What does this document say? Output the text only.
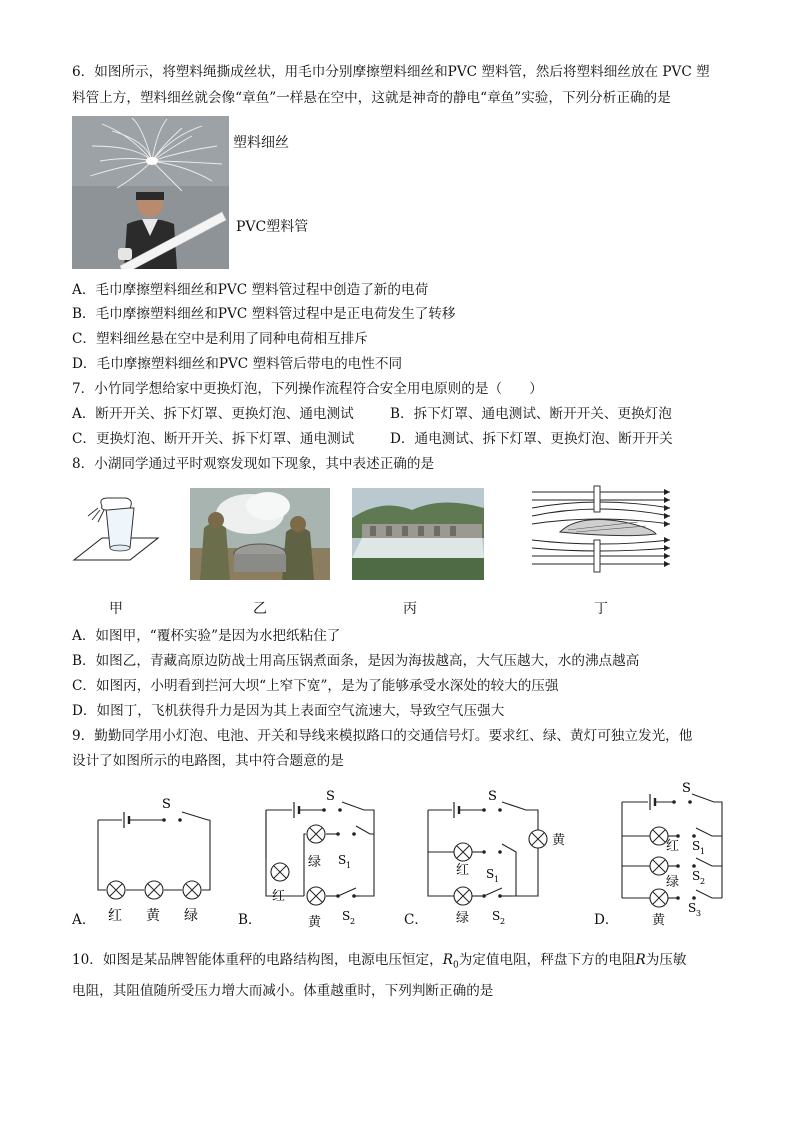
6．如图所示，将塑料绳撕成丝状，用毛巾分别摩擦塑料细丝和PVC 塑料管，然后将塑料细丝放在 PVC 塑
料管上方，塑料细丝就会像“章鱼”一样悬在空中，这就是神奇的静电“章鱼”实验，下列分析正确的是
塑料细丝
PVC塑料管
A．毛巾摩擦塑料细丝和PVC 塑料管过程中创造了新的电荷
B．毛巾摩擦塑料细丝和PVC 塑料管过程中是正电荷发生了转移
C．塑料细丝悬在空中是利用了同种电荷相互排斥
D．毛巾摩擦塑料细丝和PVC 塑料管后带电的电性不同
7．小竹同学想给家中更换灯泡，下列操作流程符合安全用电原则的是（　　）
A．断开开关、拆下灯罩、更换灯泡、通电测试	B．拆下灯罩、通电测试、断开开关、更换灯泡
C．更换灯泡、断开开关、拆下灯罩、通电测试	D．通电测试、拆下灯罩、更换灯泡、断开开关
8．小湖同学通过平时观察发现如下现象，其中表述正确的是
甲	乙	丙	丁
A．如图甲，“覆杯实验”是因为水把纸粘住了
B．如图乙，青藏高原边防战士用高压锅煮面条，是因为海拔越高，大气压越大，水的沸点越高
C．如图丙，小明看到拦河大坝“上窄下宽”，是为了能够承受水深处的较大的压强
D．如图丁，飞机获得升力是因为其上表面空气流速大，导致空气压强大
9．勤勤同学用小灯泡、电池、开关和导线来模拟路口的交通信号灯。要求红、绿、黄灯可独立发光，他
设计了如图所示的电路图，其中符合题意的是
S
红 黄 绿
A．
S
S 1
S 2
绿
红
黄
B．
S
S 1
S 2
红
绿
黄
C．
S
S 1
S 2
S 3
红
绿
黄
D．
10．如图是某品牌智能体重秤的电路结构图，电源电压恒定，$R_0$为定值电阻，秤盘下方的电阻R为压敏
电阻，其阻值随所受压力增大而减小。体重越重时，下列判断正确的是
